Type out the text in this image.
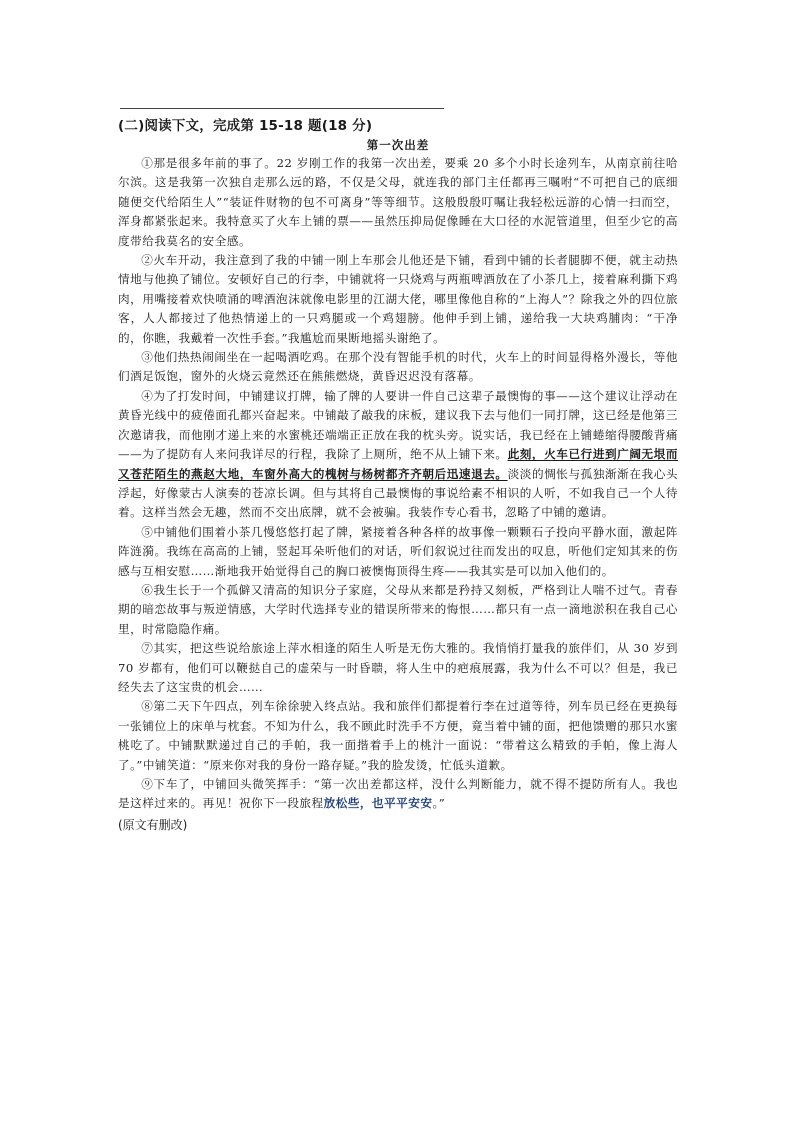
(二)阅读下文，完成第 15-18 题(18 分)
第一次出差

①那是很多年前的事了。22 岁刚工作的我第一次出差，要乘 20 多个小时长途列车，从南京前往哈尔滨。这是我第一次独自走那么远的路，不仅是父母，就连我的部门主任都再三嘱咐“不可把自己的底细随便交代给陌生人”“装证件财物的包不可离身”等等细节。这般殷殷叮嘱让我轻松远游的心情一扫而空，浑身都紧张起来。我特意买了火车上铺的票——虽然压抑局促像睡在大口径的水泥管道里，但至少它的高度带给我莫名的安全感。

②火车开动，我注意到了我的中铺一刚上车那会儿他还是下铺，看到中铺的长者腿脚不便，就主动热情地与他换了铺位。安顿好自己的行李，中铺就将一只烧鸡与两瓶啤酒放在了小茶几上，接着麻利撕下鸡肉，用嘴接着欢快喷涌的啤酒泡沫就像电影里的江湖大佬，哪里像他自称的“上海人”？除我之外的四位旅客，人人都接过了他热情递上的一只鸡腿或一个鸡翅膀。他伸手到上铺，递给我一大块鸡脯肉：“干净的，你瞧，我戴着一次性手套。”我尴尬而果断地摇头谢绝了。

③他们热热闹闹坐在一起喝酒吃鸡。在那个没有智能手机的时代，火车上的时间显得格外漫长，等他们酒足饭饱，窗外的火烧云竟然还在熊熊燃烧，黄昏迟迟没有落幕。

④为了打发时间，中铺建议打牌，输了牌的人要讲一件自己这辈子最懊悔的事——这个建议让浮动在黄昏光线中的疲倦面孔都兴奋起来。中铺敲了敲我的床板，建议我下去与他们一同打牌，这已经是他第三次邀请我，而他刚才递上来的水蜜桃还端端正正放在我的枕头旁。说实话，我已经在上铺蜷缩得腰酸背痛——为了提防有人来问我详尽的行程，我除了上厕所，绝不从上铺下来。此刻，火车已行进到广阔无垠而又苍茫陌生的燕赵大地，车窗外高大的槐树与杨树都齐齐朝后迅速退去。淡淡的惆怅与孤独渐渐在我心头浮起，好像蒙古人演奏的苍凉长调。但与其将自己最懊悔的事说给素不相识的人听，不如我自己一个人待着。这样当然会无趣，然而不交出底牌，就不会被骗。我装作专心看书，忽略了中铺的邀请。

⑤中铺他们围着小茶几慢悠悠打起了牌，紧接着各种各样的故事像一颗颗石子投向平静水面，激起阵阵涟漪。我练在高高的上铺，竖起耳朵听他们的对话，听们叙说过往而发出的叹息，听他们定知其来的伤感与互相安慰……渐地我开始觉得自己的胸口被懊悔顶得生疼——我其实是可以加入他们的。

⑥我生长于一个孤僻又清高的知识分子家庭，父母从来都是矜持又刻板，严格到让人喘不过气。青春期的暗恋故事与叛逆情感，大学时代选择专业的错误所带来的悔恨……都只有一点一滴地淤积在我自己心里，时常隐隐作痛。

⑦其实，把这些说给旅途上萍水相逢的陌生人听是无伤大雅的。我悄悄打量我的旅伴们，从 30 岁到 70 岁都有，他们可以鞭挞自己的虚荣与一时昏聩，将人生中的疤痕展露，我为什么不可以？但是，我已经失去了这宝贵的机会……

⑧第二天下午四点，列车徐徐驶入终点站。我和旅伴们都提着行李在过道等待，列车员已经在更换每一张铺位上的床单与枕套。不知为什么，我不顾此时洗手不方便，竟当着中铺的面，把他馈赠的那只水蜜桃吃了。中铺默默递过自己的手帕，我一面揩着手上的桃汁一面说：“带着这么精致的手帕，像上海人了。”中铺笑道：“原来你对我的身份一路存疑。”我的脸发烫，忙低头道歉。

⑨下车了，中铺回头微笑挥手：“第一次出差都这样，没什么判断能力，就不得不提防所有人。我也是这样过来的。再见！祝你下一段旅程放松些，也平平安安。”

(原文有删改)
